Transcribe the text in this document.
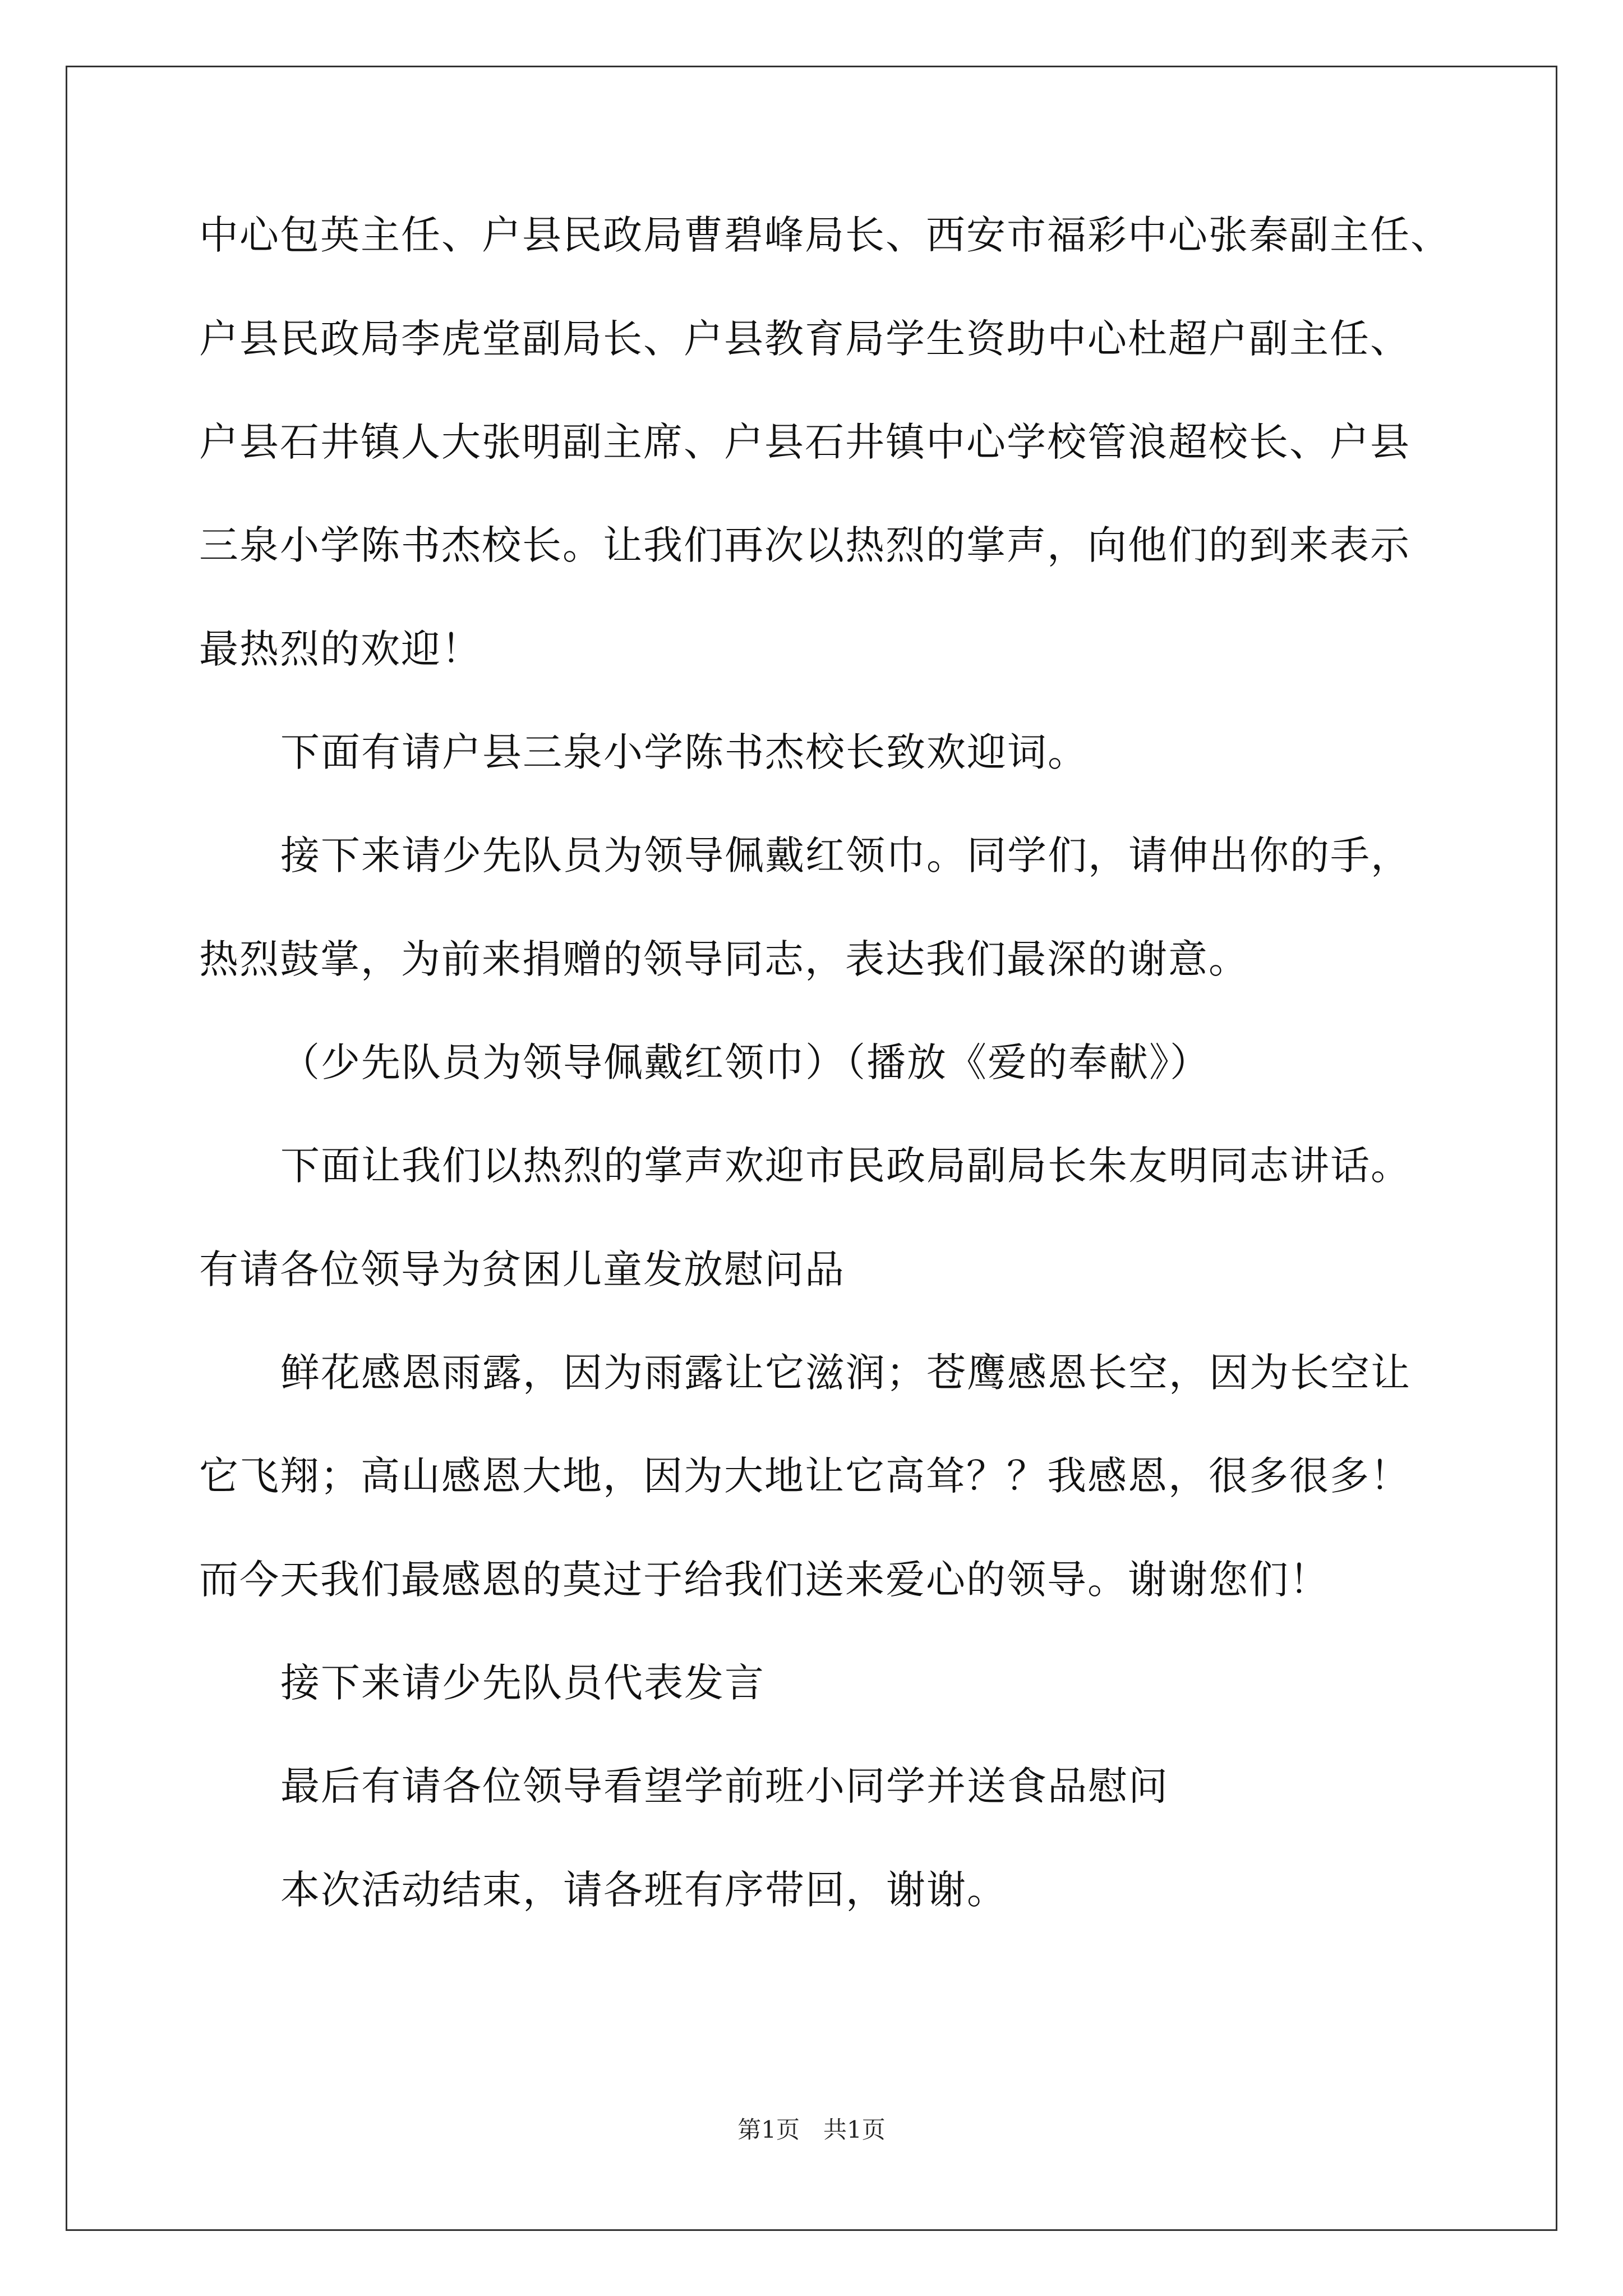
中心包英主任、户县民政局曹碧峰局长、西安市福彩中心张秦副主任、
户县民政局李虎堂副局长、户县教育局学生资助中心杜超户副主任、
户县石井镇人大张明副主席、户县石井镇中心学校管浪超校长、户县
三泉小学陈书杰校长。让我们再次以热烈的掌声，向他们的到来表示
最热烈的欢迎！
下面有请户县三泉小学陈书杰校长致欢迎词。
接下来请少先队员为领导佩戴红领巾。同学们，请伸出你的手，
热烈鼓掌，为前来捐赠的领导同志，表达我们最深的谢意。
（少先队员为领导佩戴红领巾）（播放《爱的奉献》）
下面让我们以热烈的掌声欢迎市民政局副局长朱友明同志讲话。
有请各位领导为贫困儿童发放慰问品
鲜花感恩雨露，因为雨露让它滋润；苍鹰感恩长空，因为长空让
它飞翔；高山感恩大地，因为大地让它高耸？？我感恩，很多很多！
而今天我们最感恩的莫过于给我们送来爱心的领导。谢谢您们！
接下来请少先队员代表发言
最后有请各位领导看望学前班小同学并送食品慰问
本次活动结束，请各班有序带回，谢谢。
第1页　共1页
